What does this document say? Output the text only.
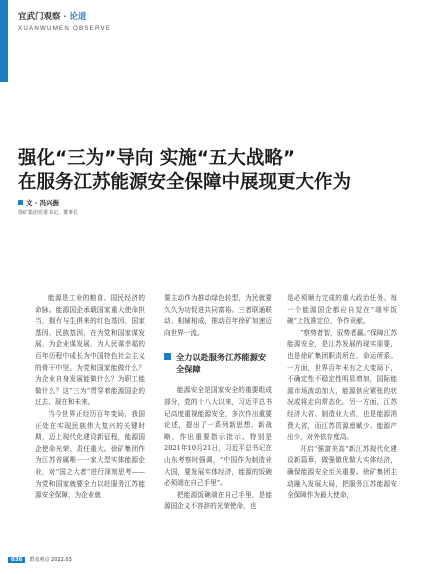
宜武门观察 · 论道
XUANWUMEN OBSERVE
强化“三为”导向 实施“五大战略”
在服务江苏能源安全保障中展现更大作为
文 · 冯兴振
徐矿集团党委书记、董事长

能源是工业的粮食、国民经济的命脉。能源国企承载国家重大使命担当，拥有与生俱来的红色基因、国家基因、民族基因，在为党和国家谋发展、为企业谋发展、为人民谋幸福的百年历程中成长为中国特色社会主义的骨干中坚。为党和国家能做什么？为企业自身发展能做什么？为职工能做什么？这“三为”贯穿着能源国企的过去、现在和未来。

当今世界正经历百年变局，我国正处在实现民族伟大复兴的关键时期，迈上现代化建设新征程，能源国企使命光荣、责任重大。徐矿集团作为江苏省属唯一一家大型实体能源企业，对“国之大者”进行深刻思考——为党和国家就要全力以赴服务江苏能源安全保障，为企业就

要主动作为推动绿色转型，为民就要久久为功促进共同富裕。三者联通联动、相辅相成，推动百年徐矿加速迈向世界一流。

全力以赴服务江苏能源安全保障

能源安全是国家安全的重要组成部分，党的十八大以来，习近平总书记高度重视能源安全，多次作出重要论述，提出了一系列新思想、新战略，作出重要指示批示。特别是2021年10月21日，习近平总书记在山东考察时强调，“中国作为制造业大国，要发展实体经济，能源的饭碗必须端在自己手里”。

把能源饭碗端在自己手里，是能源国企义不容辞的光荣使命，也

是必须顺力完成的重大政治任务。每一个能源国企都应自觉在“端牢饭碗”上找准定位、争作贡献。

“察势者智，驭势者赢。”保障江苏能源安全，是江苏发展的现实需要，也是徐矿集团职责所在、命运所系。一方面，世界百年未有之大变局下，不确定性不稳定性明显增加，国际能源市场波动加大，能源供应紧张的状况或将走向常态化。另一方面，江苏经济大省、制造业大省，也是能源消费大省，而江苏资源禀赋少、能源产出少、对外依存度高。

开启“强富美高”新江苏现代化建设新篇章，做强做优做大实体经济，确保能源安全至关重要。徐矿集团主动融入发展大局，把服务江苏能源安全保障作为最大使命，

036	群众观点 2022.03
